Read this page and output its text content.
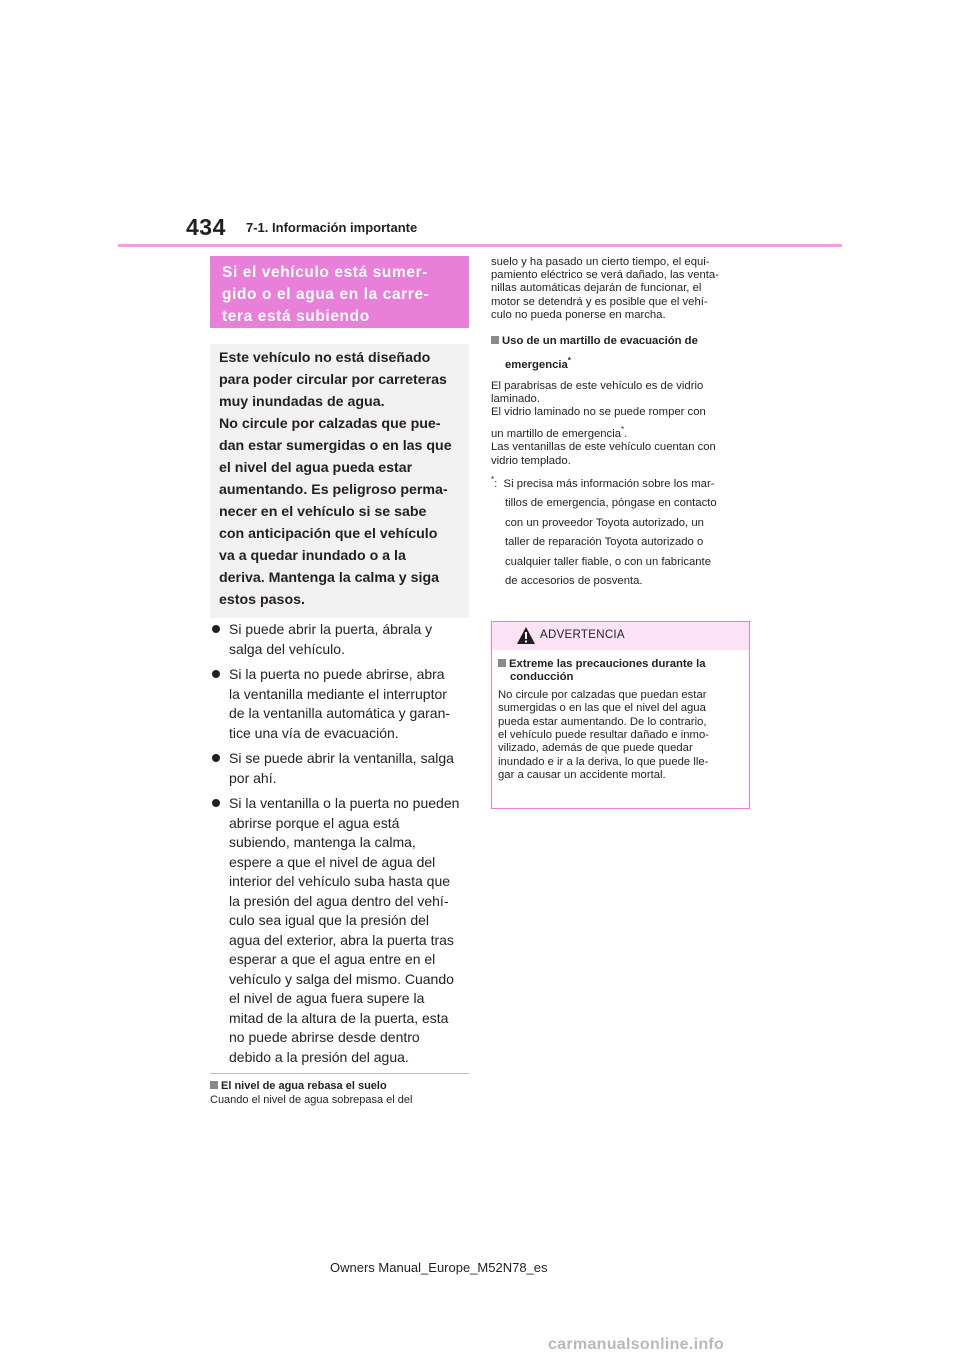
434 7-1. Información importante
Si el vehículo está sumer-
gido o el agua en la carre-
tera está subiendo

Este vehículo no está diseñado
para poder circular por carreteras
muy inundadas de agua.

No circule por calzadas que pue-
dan estar sumergidas o en las que
el nivel del agua pueda estar
aumentando. Es peligroso perma-
necer en el vehículo si se sabe
con anticipación que el vehículo
va a quedar inundado o a la
deriva. Mantenga la calma y siga
estos pasos.

Si puede abrir la puerta, ábrala y
salga del vehículo.
Si la puerta no puede abrirse, abra
la ventanilla mediante el interruptor
de la ventanilla automática y garan-
tice una vía de evacuación.
Si se puede abrir la ventanilla, salga
por ahí.
Si la ventanilla o la puerta no pueden
abrirse porque el agua está
subiendo, mantenga la calma,
espere a que el nivel de agua del
interior del vehículo suba hasta que
la presión del agua dentro del vehí-
culo sea igual que la presión del
agua del exterior, abra la puerta tras
esperar a que el agua entre en el
vehículo y salga del mismo. Cuando
el nivel de agua fuera supere la
mitad de la altura de la puerta, esta
no puede abrirse desde dentro
debido a la presión del agua.
El nivel de agua rebasa el suelo
Cuando el nivel de agua sobrepasa el del

suelo y ha pasado un cierto tiempo, el equi-
pamiento eléctrico se verá dañado, las venta-
nillas automáticas dejarán de funcionar, el
motor se detendrá y es posible que el vehí-
culo no pueda ponerse en marcha.

Uso de un martillo de evacuación de
emergencia*

El parabrisas de este vehículo es de vidrio
laminado.
El vidrio laminado no se puede romper con
un martillo de emergencia*.
Las ventanillas de este vehículo cuentan con
vidrio templado.

*: Si precisa más información sobre los mar-
tillos de emergencia, póngase en contacto
con un proveedor Toyota autorizado, un
taller de reparación Toyota autorizado o
cualquier taller fiable, o con un fabricante
de accesorios de posventa.
ADVERTENCIA
Extreme las precauciones durante la
conducción
No circule por calzadas que puedan estar
sumergidas o en las que el nivel del agua
pueda estar aumentando. De lo contrario,
el vehículo puede resultar dañado e inmo-
vilizado, además de que puede quedar
inundado e ir a la deriva, lo que puede lle-
gar a causar un accidente mortal.
Owners Manual_Europe_M52N78_es
carmanualsonline.info
